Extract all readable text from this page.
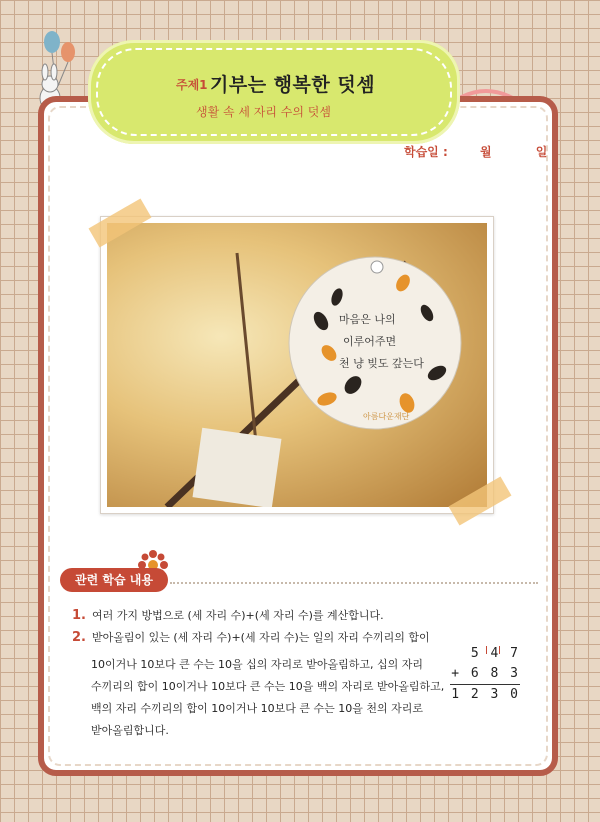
주제1 기부는 행복한 덧셈
생활 속 세 자리 수의 덧셈
학습일 :	월	일
마음은 나의
이루어주면
천 냥 빚도 갚는다
아름다운재단
관련 학습 내용
1. 여러 가지 방법으로 (세 자리 수)+(세 자리 수)를 계산합니다.
2. 받아올림이 있는 (세 자리 수)+(세 자리 수)는 일의 자리 수끼리의 합이
10이거나 10보다 큰 수는 10을 십의 자리로 받아올림하고, 십의 자리
수끼리의 합이 10이거나 10보다 큰 수는 10을 백의 자리로 받아올림하고,
백의 자리 수끼리의 합이 10이거나 10보다 큰 수는 10을 천의 자리로
받아올림합니다.
5 4 7
+ 6 8 3
1 2 3 0
